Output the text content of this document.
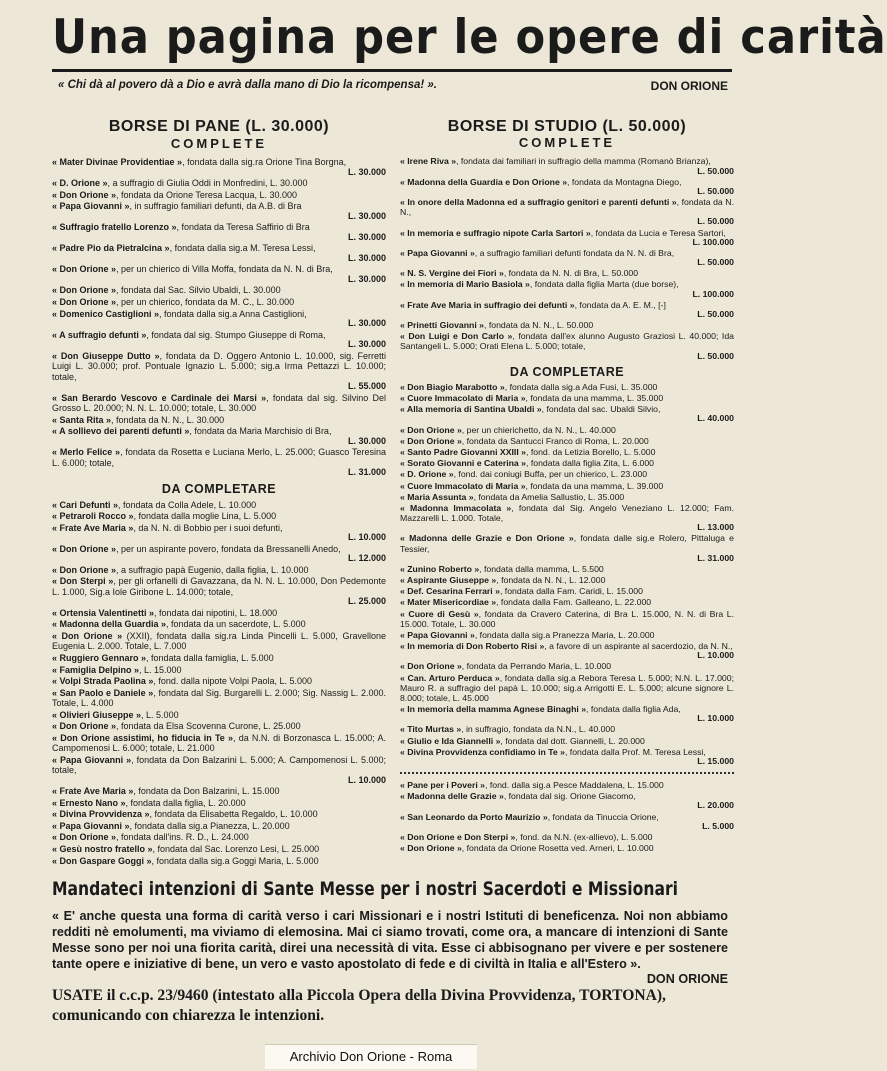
Una pagina per le opere di carità
« Chi dà al povero dà a Dio e avrà dalla mano di Dio la ricompensa! ».	DON ORIONE
BORSE DI PANE (L. 30.000)
COMPLETE
« Mater Divinae Providentiae », fondata dalla sig.ra Orione Tina Borgna,
L. 30.000
« D. Orione », a suffragio di Giulia Oddi in Monfredini, L. 30.000
« Don Orione », fondata da Orione Teresa Lacqua, L. 30.000
« Papa Giovanni », in suffragio familiari defunti, da A.B. di Bra
L. 30.000
« Suffragio fratello Lorenzo », fondata da Teresa Saffirio di Bra
L. 30.000
« Padre Pio da Pietralcina », fondata dalla sig.a M. Teresa Lessi,
L. 30.000
« Don Orione », per un chierico di Villa Moffa, fondata da N. N. di Bra,
L. 30.000
« Don Orione », fondata dal Sac. Silvio Ubaldi, L. 30.000
« Don Orione », per un chierico, fondata da M. C., L. 30.000
« Domenico Castiglioni », fondata dalla sig.a Anna Castiglioni,
L. 30.000
« A suffragio defunti », fondata dal sig. Stumpo Giuseppe di Roma,
L. 30.000
« Don Giuseppe Dutto », fondata da D. Oggero Antonio L. 10.000, sig. Ferretti Luigi L. 30.000; prof. Pontuale Ignazio L. 5.000; sig.a Irma Pettazzi L. 10.000; totale,
L. 55.000
« San Berardo Vescovo e Cardinale dei Marsi », fondata dal sig. Silvino Del Grosso L. 20.000; N. N. L. 10.000; totale, L. 30.000
« Santa Rita », fondata da N. N., L. 30.000
« A sollievo dei parenti defunti », fondata da Maria Marchisio di Bra,
L. 30.000
« Merlo Felice », fondata da Rosetta e Luciana Merlo, L. 25.000; Guasco Teresina L. 6.000; totale,
L. 31.000
DA COMPLETARE
« Cari Defunti », fondata da Colla Adele, L. 10.000
« Petraroli Rocco », fondata dalla moglie Lina, L. 5.000
« Frate Ave Maria », da N. N. di Bobbio per i suoi defunti,
L. 10.000
« Don Orione », per un aspirante povero, fondata da Bressanelli Anedo,
L. 12.000
« Don Orione », a suffragio papà Eugenio, dalla figlia, L. 10.000
« Don Sterpi », per gli orfanelli di Gavazzana, da N. N. L. 10.000, Don Pedemonte L. 1.000, Sig.a Iole Giribone L. 14.000; totale,
L. 25.000
« Ortensia Valentinetti », fondata dai nipotini, L. 18.000
« Madonna della Guardia », fondata da un sacerdote, L. 5.000
« Don Orione » (XXII), fondata dalla sig.ra Linda Pincelli L. 5.000, Gravellone Eugenia L. 2.000. Totale, L. 7.000
« Ruggiero Gennaro », fondata dalla famiglia, L. 5.000
« Famiglia Delpino », L. 15.000
« Volpi Strada Paolina », fond. dalla nipote Volpi Paola, L. 5.000
« San Paolo e Daniele », fondata dal Sig. Burgarelli L. 2.000; Sig. Nassig L. 2.000. Totale, L. 4.000
« Olivieri Giuseppe », L. 5.000
« Don Orione », fondata da Elsa Scovenna Curone, L. 25.000
« Don Orione assistimi, ho fiducia in Te », da N.N. di Borzonasca L. 15.000; A. Campomenosi L. 6.000; totale, L. 21.000
« Papa Giovanni », fondata da Don Balzarini L. 5.000; A. Campomenosi L. 5.000; totale,
L. 10.000
« Frate Ave Maria », fondata da Don Balzarini, L. 15.000
« Ernesto Nano », fondata dalla figlia, L. 20.000
« Divina Provvidenza », fondata da Elisabetta Regaldo, L. 10.000
« Papa Giovanni », fondata dalla sig.a Pianezza, L. 20.000
« Don Orione », fondata dall'ins. R. D., L. 24.000
« Gesù nostro fratello », fondata dal Sac. Lorenzo Lesi, L. 25.000
« Don Gaspare Goggi », fondata dalla sig.a Goggi Maria, L. 5.000
BORSE DI STUDIO (L. 50.000)
COMPLETE
« Irene Riva », fondata dai familiari in suffragio della mamma (Romanò Brianza),
L. 50.000
« Madonna della Guardia e Don Orione », fondata da Montagna Diego,
L. 50.000
« In onore della Madonna ed a suffragio genitori e parenti defunti », fondata da N. N.,
L. 50.000
« In memoria e suffragio nipote Carla Sartori », fondata da Lucia e Teresa Sartori,
L. 100.000
« Papa Giovanni », a suffragio familiari defunti fondata da N. N. di Bra,
L. 50.000
« N. S. Vergine dei Fiori », fondata da N. N. di Bra, L. 50.000
« In memoria di Mario Basiola », fondata dalla figlia Marta (due borse),
L. 100.000
« Frate Ave Maria in suffragio dei defunti », fondata da A. E. M., [-]
L. 50.000
« Prinetti Giovanni », fondata da N. N., L. 50.000
« Don Luigi e Don Carlo », fondata dall'ex alunno Augusto Graziosi L. 40.000; Ida Santangeli L. 5.000; Orati Elena L. 5.000; totale,
L. 50.000
DA COMPLETARE
« Don Biagio Marabotto », fondata dalla sig.a Ada Fusi, L. 35.000
« Cuore Immacolato di Maria », fondata da una mamma, L. 35.000
« Alla memoria di Santina Ubaldi », fondata dal sac. Ubaldi Silvio,
L. 40.000
« Don Orione », per un chierichetto, da N. N., L. 40.000
« Don Orione », fondata da Santucci Franco di Roma, L. 20.000
« Santo Padre Giovanni XXIII », fond. da Letizia Borello, L. 5.000
« Sorato Giovanni e Caterina », fondata dalla figlia Zita, L. 6.000
« D. Orione », fond. dai coniugi Buffa, per un chierico, L. 23.000
« Cuore Immacolato di Maria », fondata da una mamma, L. 39.000
« Maria Assunta », fondata da Amelia Sallustio, L. 35.000
« Madonna Immacolata », fondata dal Sig. Angelo Veneziano L. 12.000; Fam. Mazzarelli L. 1.000. Totale,
L. 13.000
« Madonna delle Grazie e Don Orione », fondata dalle sig.e Rolero, Pittaluga e Tessier,
L. 31.000
« Zunino Roberto », fondata dalla mamma, L. 5.500
« Aspirante Giuseppe », fondata da N. N., L. 12.000
« Def. Cesarina Ferrari », fondata dalla Fam. Caridi, L. 15.000
« Mater Misericordiae », fondata dalla Fam. Galleano, L. 22.000
« Cuore di Gesù », fondata da Cravero Caterina, di Bra L. 15.000, N. N. di Bra L. 15.000. Totale, L. 30.000
« Papa Giovanni », fondata dalla sig.a Pranezza Maria, L. 20.000
« In memoria di Don Roberto Risi », a favore di un aspirante al sacerdozio, da N. N.,
L. 10.000
« Don Orione », fondata da Perrando Maria, L. 10.000
« Can. Arturo Perduca », fondata dalla sig.a Rebora Teresa L. 5.000; N.N. L. 17.000; Mauro R. a suffragio del papà L. 10.000; sig.a Arrigotti E. L. 5.000; alcune signore L. 8.000; totale, L. 45.000
« In memoria della mamma Agnese Binaghi », fondata dalla figlia Ada,
L. 10.000
« Tito Murtas », in suffragio, fondata da N.N., L. 40.000
« Giulio e Ida Giannelli », fondata dal dott. Giannelli, L. 20.000
« Divina Provvidenza confidiamo in Te », fondata dalla Prof. M. Teresa Lessi,
L. 15.000
« Pane per i Poveri », fond. dalla sig.a Pesce Maddalena, L. 15.000
« Madonna delle Grazie », fondata dal sig. Orione Giacomo,
L. 20.000
« San Leonardo da Porto Maurizio », fondata da Tinuccia Orione,
L. 5.000
« Don Orione e Don Sterpi », fond. da N.N. (ex-allievo), L. 5.000
« Don Orione », fondata da Orione Rosetta ved. Arneri, L. 10.000
Mandateci intenzioni di Sante Messe per i nostri Sacerdoti e Missionari
« E' anche questa una forma di carità verso i cari Missionari e i nostri Istituti di beneficenza. Noi non abbiamo redditi nè emolumenti, ma viviamo di elemosina. Mai ci siamo trovati, come ora, a mancare di intenzioni di Sante Messe sono per noi una fiorita carità, direi una necessità di vita. Esse ci abbisognano per vivere e per sostenere tante opere e iniziative di bene, un vero e vasto apostolato di fede e di civiltà in Italia e all'Estero ».
DON ORIONE
USATE il c.c.p. 23/9460 (intestato alla Piccola Opera della Divina Provvidenza, TORTONA), comunicando con chiarezza le intenzioni.
Archivio Don Orione - Roma
